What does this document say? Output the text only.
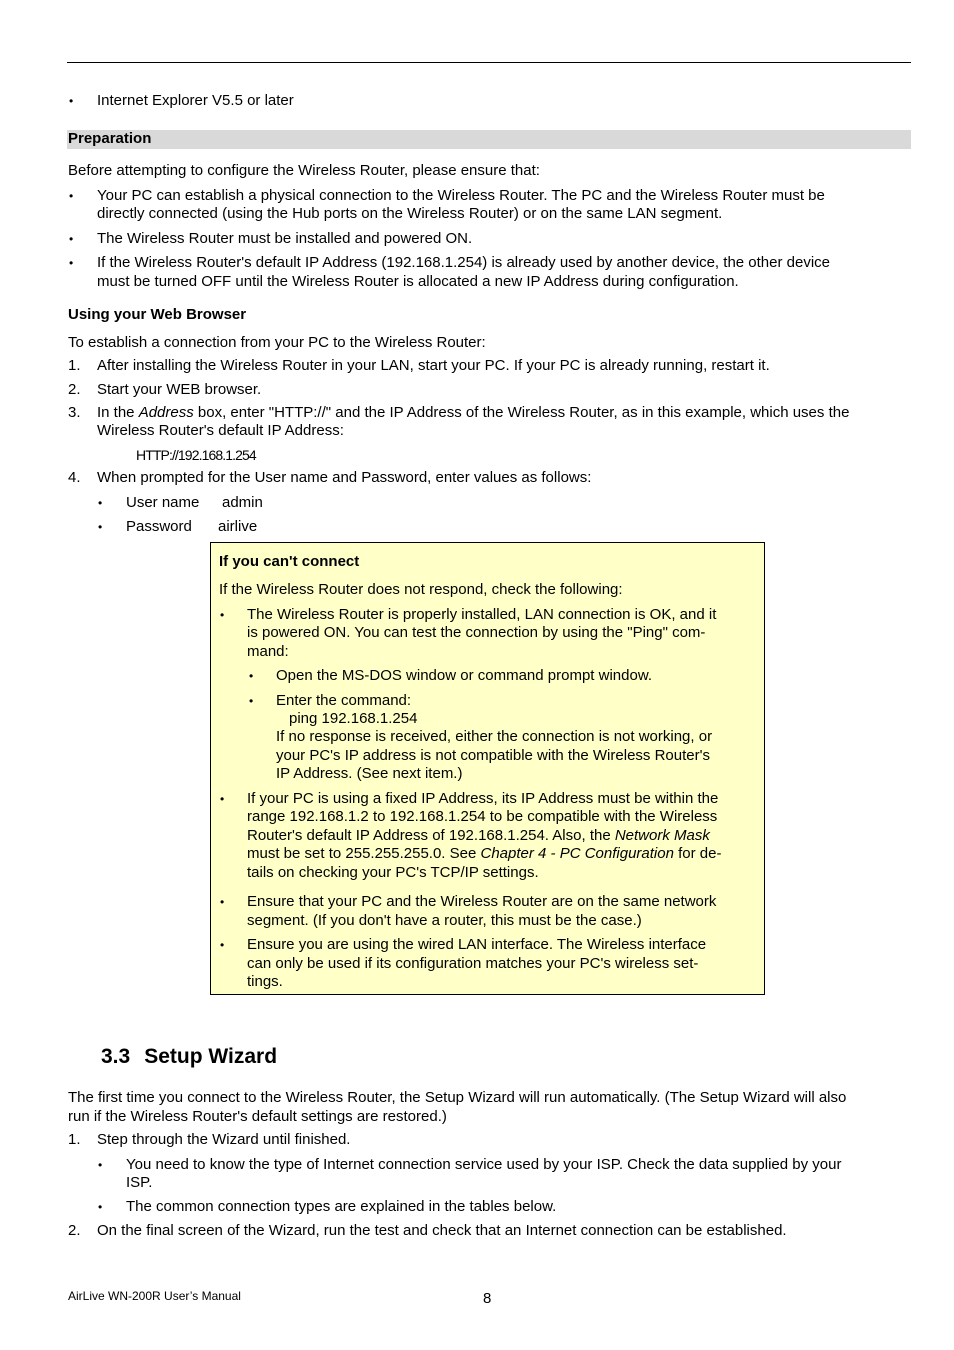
• Internet Explorer V5.5 or later
Preparation
Before attempting to configure the Wireless Router, please ensure that:
• Your PC can establish a physical connection to the Wireless Router. The PC and the Wireless Router must be
directly connected (using the Hub ports on the Wireless Router) or on the same LAN segment.
• The Wireless Router must be installed and powered ON.
• If the Wireless Router's default IP Address (192.168.1.254) is already used by another device, the other device
must be turned OFF until the Wireless Router is allocated a new IP Address during configuration.
Using your Web Browser
To establish a connection from your PC to the Wireless Router:
1. After installing the Wireless Router in your LAN, start your PC. If your PC is already running, restart it.
2. Start your WEB browser.
3. In the Address box, enter "HTTP://" and the IP Address of the Wireless Router, as in this example, which uses the
Wireless Router's default IP Address:
HTTP://192.168.1.254
4. When prompted for the User name and Password, enter values as follows:
• User name admin
• Password airlive
If you can't connect
If the Wireless Router does not respond, check the following:
• The Wireless Router is properly installed, LAN connection is OK, and it
is powered ON. You can test the connection by using the "Ping" com-
mand:
• Open the MS-DOS window or command prompt window.
• Enter the command:
ping 192.168.1.254
If no response is received, either the connection is not working, or
your PC's IP address is not compatible with the Wireless Router's
IP Address. (See next item.)
• If your PC is using a fixed IP Address, its IP Address must be within the
range 192.168.1.2 to 192.168.1.254 to be compatible with the Wireless
Router's default IP Address of 192.168.1.254. Also, the Network Mask
must be set to 255.255.255.0. See Chapter 4 - PC Configuration for de-
tails on checking your PC's TCP/IP settings.
• Ensure that your PC and the Wireless Router are on the same network
segment. (If you don't have a router, this must be the case.)
• Ensure you are using the wired LAN interface. The Wireless interface
can only be used if its configuration matches your PC's wireless set-
tings.
3.3 Setup Wizard
The first time you connect to the Wireless Router, the Setup Wizard will run automatically. (The Setup Wizard will also
run if the Wireless Router's default settings are restored.)
1. Step through the Wizard until finished.
• You need to know the type of Internet connection service used by your ISP. Check the data supplied by your
ISP.
• The common connection types are explained in the tables below.
2. On the final screen of the Wizard, run the test and check that an Internet connection can be established.
AirLive WN-200R User’s Manual	8
